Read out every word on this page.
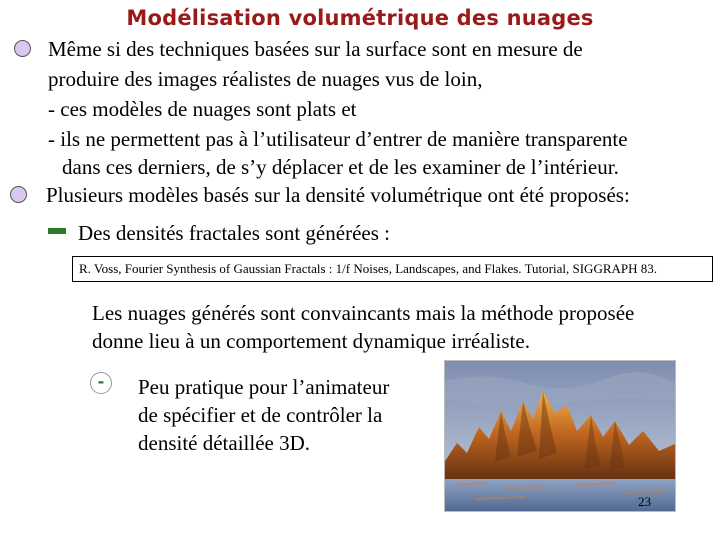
Modélisation volumétrique des nuages
Même si des techniques basées sur la surface sont en mesure de
produire des images réalistes de nuages vus de loin,
- ces modèles de nuages sont plats et
- ils ne permettent pas à l’utilisateur d’entrer de manière transparente
dans ces derniers, de s’y déplacer et de les examiner de l’intérieur.
Plusieurs modèles basés sur la densité volumétrique ont été proposés:
Des densités fractales sont générées :
R. Voss, Fourier Synthesis of Gaussian Fractals : 1/f Noises, Landscapes, and Flakes. Tutorial, SIGGRAPH 83.
Les nuages générés sont convaincants mais la méthode proposée
donne lieu à un comportement dynamique irréaliste.
-	Peu pratique pour l’animateur
de spécifier et de contrôler la
densité détaillée 3D.
23
